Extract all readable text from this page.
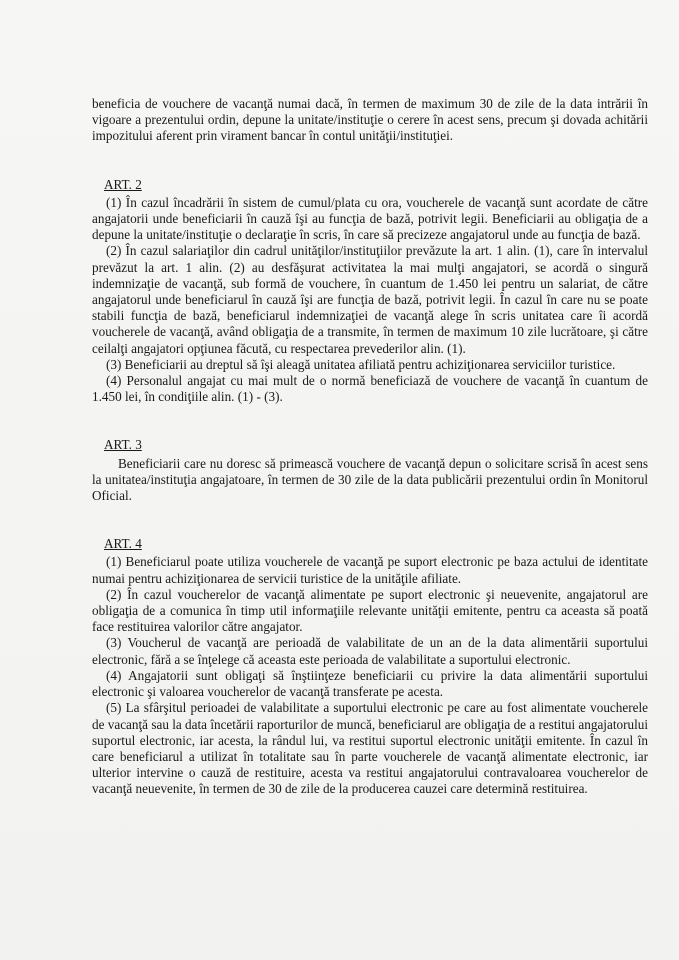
beneficia de vouchere de vacanţă numai dacă, în termen de maximum 30 de zile de la data intrării în vigoare a prezentului ordin, depune la unitate/instituţie o cerere în acest sens, precum şi dovada achitării impozitului aferent prin virament bancar în contul unităţii/instituţiei.

ART. 2

(1) În cazul încadrării în sistem de cumul/plata cu ora, voucherele de vacanţă sunt acordate de către angajatorii unde beneficiarii în cauză îşi au funcţia de bază, potrivit legii. Beneficiarii au obligaţia de a depune la unitate/instituţie o declaraţie în scris, în care să precizeze angajatorul unde au funcţia de bază.

(2) În cazul salariaţilor din cadrul unităţilor/instituţiilor prevăzute la art. 1 alin. (1), care în intervalul prevăzut la art. 1 alin. (2) au desfăşurat activitatea la mai mulţi angajatori, se acordă o singură indemnizaţie de vacanţă, sub formă de vouchere, în cuantum de 1.450 lei pentru un salariat, de către angajatorul unde beneficiarul în cauză îşi are funcţia de bază, potrivit legii. În cazul în care nu se poate stabili funcţia de bază, beneficiarul indemnizaţiei de vacanţă alege în scris unitatea care îi acordă voucherele de vacanţă, având obligaţia de a transmite, în termen de maximum 10 zile lucrătoare, şi către ceilalţi angajatori opţiunea făcută, cu respectarea prevederilor alin. (1).

(3) Beneficiarii au dreptul să îşi aleagă unitatea afiliată pentru achiziţionarea serviciilor turistice.

(4) Personalul angajat cu mai mult de o normă beneficiază de vouchere de vacanţă în cuantum de 1.450 lei, în condiţiile alin. (1) - (3).

ART. 3

Beneficiarii care nu doresc să primească vouchere de vacanţă depun o solicitare scrisă în acest sens la unitatea/instituţia angajatoare, în termen de 30 zile de la data publicării prezentului ordin în Monitorul Oficial.

ART. 4

(1) Beneficiarul poate utiliza voucherele de vacanţă pe suport electronic pe baza actului de identitate numai pentru achiziţionarea de servicii turistice de la unităţile afiliate.

(2) În cazul voucherelor de vacanţă alimentate pe suport electronic şi neuevenite, angajatorul are obligaţia de a comunica în timp util informaţiile relevante unităţii emitente, pentru ca aceasta să poată face restituirea valorilor către angajator.

(3) Voucherul de vacanţă are perioadă de valabilitate de un an de la data alimentării suportului electronic, fără a se înţelege că aceasta este perioada de valabilitate a suportului electronic.

(4) Angajatorii sunt obligaţi să înştiinţeze beneficiarii cu privire la data alimentării suportului electronic şi valoarea voucherelor de vacanţă transferate pe acesta.

(5) La sfârşitul perioadei de valabilitate a suportului electronic pe care au fost alimentate voucherele de vacanţă sau la data încetării raporturilor de muncă, beneficiarul are obligaţia de a restitui angajatorului suportul electronic, iar acesta, la rândul lui, va restitui suportul electronic unităţii emitente. În cazul în care beneficiarul a utilizat în totalitate sau în parte voucherele de vacanţă alimentate electronic, iar ulterior intervine o cauză de restituire, acesta va restitui angajatorului contravaloarea voucherelor de vacanţă neuevenite, în termen de 30 de zile de la producerea cauzei care determină restituirea.
